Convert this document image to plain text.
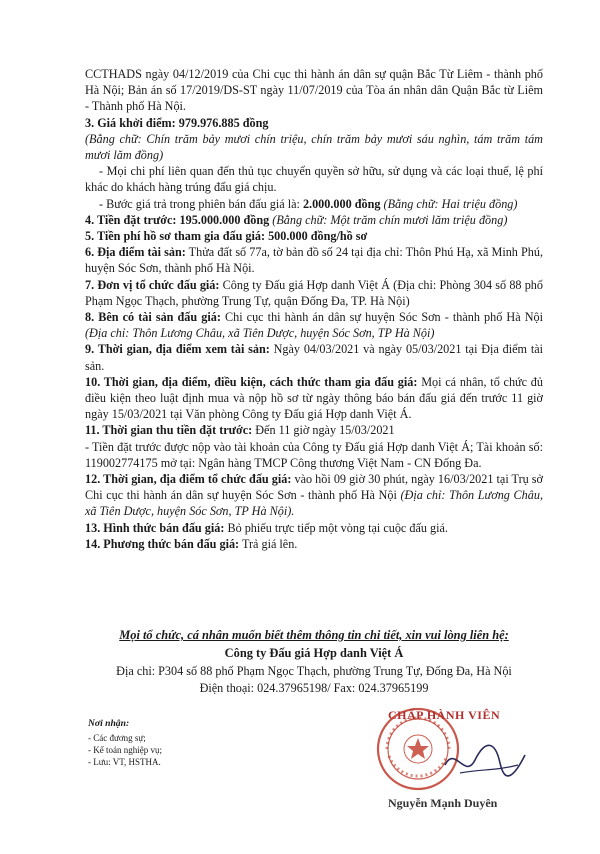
CCTHADS ngày 04/12/2019 của Chi cục thi hành án dân sự quận Bắc Từ Liêm - thành phố Hà Nội; Bản án số 17/2019/DS-ST ngày 11/07/2019 của Tòa án nhân dân Quận Bắc từ Liêm - Thành phố Hà Nội.

3. Giá khởi điểm: 979.976.885 đồng

(Bằng chữ: Chín trăm bảy mươi chín triệu, chín trăm bảy mươi sáu nghìn, tám trăm tám mươi lăm đồng)

- Mọi chi phí liên quan đến thủ tục chuyển quyền sở hữu, sử dụng và các loại thuế, lệ phí khác do khách hàng trúng đấu giá chịu.

- Bước giá trả trong phiên bán đấu giá là: 2.000.000 đồng (Bằng chữ: Hai triệu đồng)

4. Tiền đặt trước: 195.000.000 đồng (Bằng chữ: Một trăm chín mươi lăm triệu đồng)

5. Tiền phí hồ sơ tham gia đấu giá: 500.000 đồng/hồ sơ

6. Địa điểm tài sản: Thửa đất số 77a, tờ bản đồ số 24 tại địa chỉ: Thôn Phú Hạ, xã Minh Phú, huyện Sóc Sơn, thành phố Hà Nội.

7. Đơn vị tổ chức đấu giá: Công ty Đấu giá Hợp danh Việt Á (Địa chỉ: Phòng 304 số 88 phố Phạm Ngọc Thạch, phường Trung Tự, quận Đống Đa, TP. Hà Nội)

8. Bên có tài sản đấu giá: Chi cục thi hành án dân sự huyện Sóc Sơn - thành phố Hà Nội (Địa chỉ: Thôn Lương Châu, xã Tiên Dược, huyện Sóc Sơn, TP Hà Nội)

9. Thời gian, địa điểm xem tài sản: Ngày 04/03/2021 và ngày 05/03/2021 tại Địa điểm tài sản.

10. Thời gian, địa điểm, điều kiện, cách thức tham gia đấu giá: Mọi cá nhân, tổ chức đủ điều kiện theo luật định mua và nộp hồ sơ từ ngày thông báo bán đấu giá đến trước 11 giờ ngày 15/03/2021 tại Văn phòng Công ty Đấu giá Hợp danh Việt Á.

11. Thời gian thu tiền đặt trước: Đến 11 giờ ngày 15/03/2021

- Tiền đặt trước được nộp vào tài khoản của Công ty Đấu giá Hợp danh Việt Á; Tài khoản số: 119002774175 mở tại: Ngân hàng TMCP Công thương Việt Nam - CN Đống Đa.

12. Thời gian, địa điểm tổ chức đấu giá: vào hồi 09 giờ 30 phút, ngày 16/03/2021 tại Trụ sở Chi cục thi hành án dân sự huyện Sóc Sơn - thành phố Hà Nội (Địa chỉ: Thôn Lương Châu, xã Tiên Dược, huyện Sóc Sơn, TP Hà Nội).

13. Hình thức bán đấu giá: Bỏ phiếu trực tiếp một vòng tại cuộc đấu giá.

14. Phương thức bán đấu giá: Trả giá lên.

Mọi tổ chức, cá nhân muốn biết thêm thông tin chi tiết, xin vui lòng liên hệ:
Công ty Đấu giá Hợp danh Việt Á
Địa chỉ: P304 số 88 phố Phạm Ngọc Thạch, phường Trung Tự, Đống Đa, Hà Nội
Điện thoại: 024.37965198/ Fax: 024.37965199
Nơi nhận:
- Các đương sự;
- Kế toán nghiệp vụ;
- Lưu: VT, HSTHA.
CHẤP HÀNH VIÊN
Nguyễn Mạnh Duyên
